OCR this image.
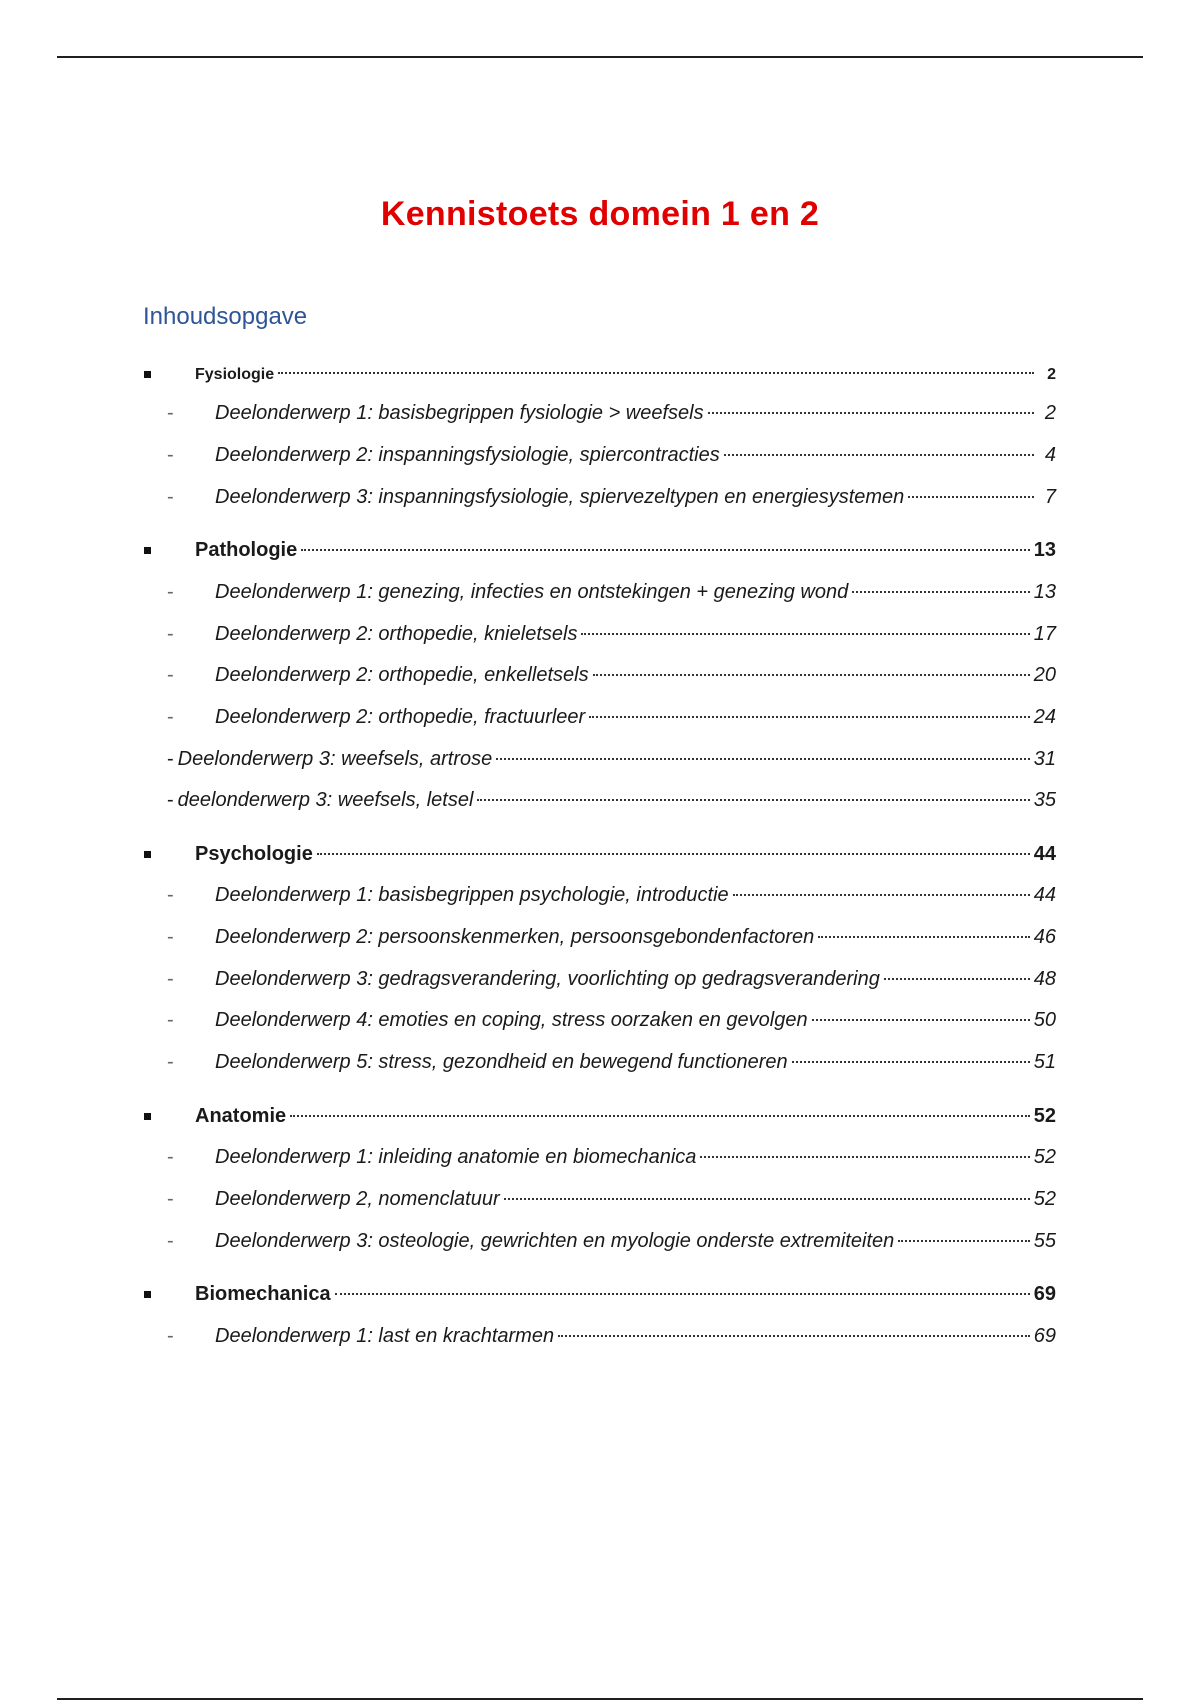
Kennistoets domein 1 en 2
Inhoudsopgave
Fysiologie	2
-	Deelonderwerp 1: basisbegrippen fysiologie > weefsels	2
-	Deelonderwerp 2: inspanningsfysiologie, spiercontracties	4
-	Deelonderwerp 3: inspanningsfysiologie, spiervezeltypen en energiesystemen	7
Pathologie	13
-	Deelonderwerp 1: genezing, infecties en ontstekingen + genezing wond	13
-	Deelonderwerp 2: orthopedie, knieletsels	17
-	Deelonderwerp 2: orthopedie, enkelletsels	20
-	Deelonderwerp 2: orthopedie, fractuurleer	24
- Deelonderwerp 3: weefsels, artrose	31
- deelonderwerp 3: weefsels, letsel	35
Psychologie	44
-	Deelonderwerp 1: basisbegrippen psychologie, introductie	44
-	Deelonderwerp 2: persoonskenmerken, persoonsgebondenfactoren	46
-	Deelonderwerp 3: gedragsverandering, voorlichting op gedragsverandering	48
-	Deelonderwerp 4: emoties en coping, stress oorzaken en gevolgen	50
-	Deelonderwerp 5: stress, gezondheid en bewegend functioneren	51
Anatomie	52
-	Deelonderwerp 1: inleiding anatomie en biomechanica	52
-	Deelonderwerp 2, nomenclatuur	52
-	Deelonderwerp 3: osteologie, gewrichten en myologie onderste extremiteiten	55
Biomechanica	69
-	Deelonderwerp 1: last en krachtarmen	69
